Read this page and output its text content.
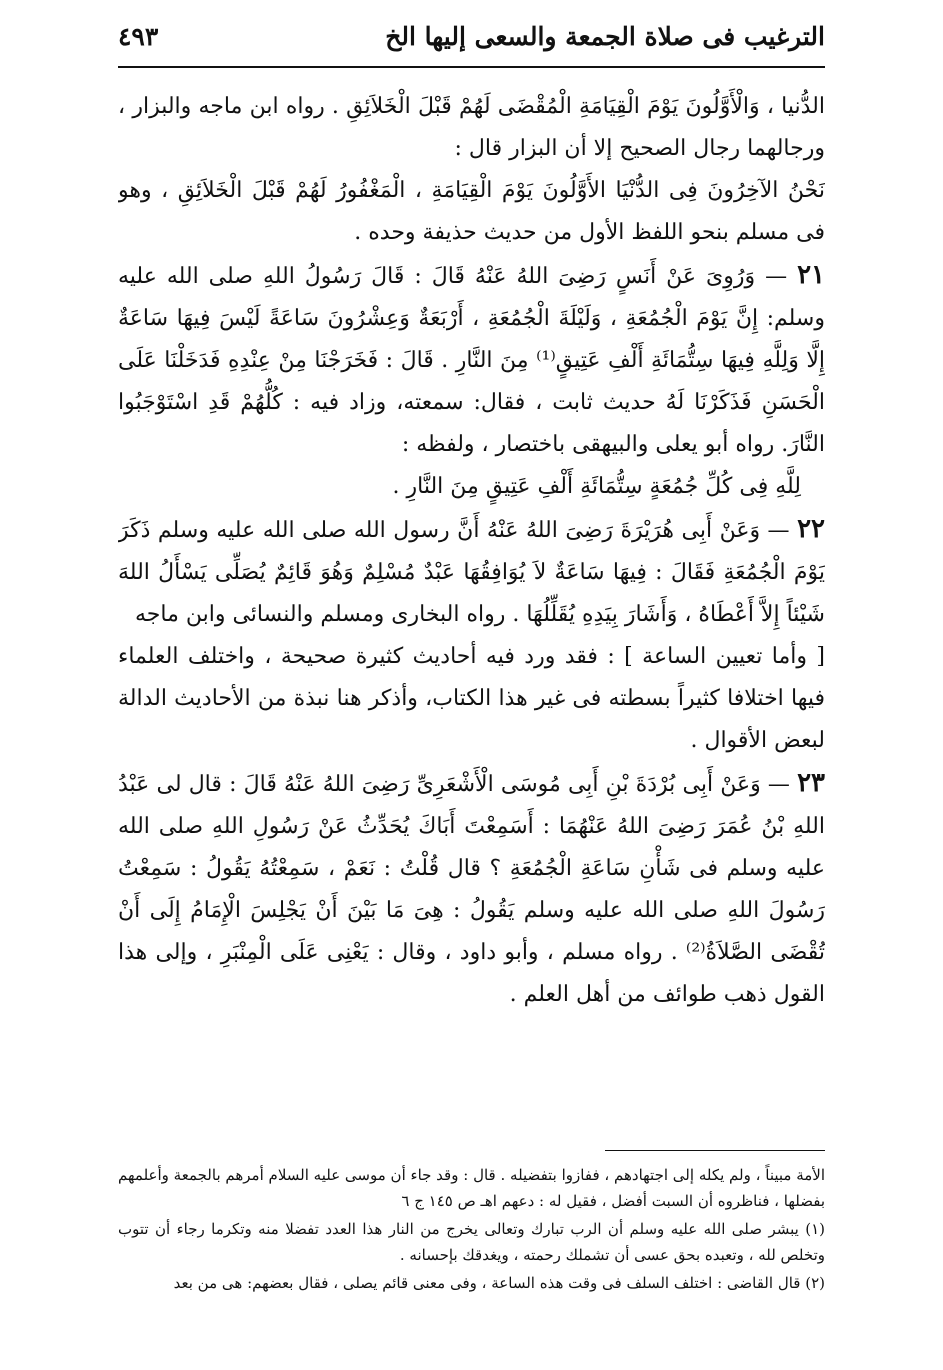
الترغيب فى صلاة الجمعة والسعى إليها الخ
٤٩٣

الدُّنيا ، وَالْأَوَّلُونَ يَوْمَ الْقِيَامَةِ الْمُقْضَى لَهُمْ قَبْلَ الْخَلاَئِقِ . رواه ابن ماجه والبزار ، ورجالهما رجال الصحيح إلا أن البزار قال :

نَحْنُ الآخِرُونَ فِى الدُّنْيَا الأَوَّلُونَ يَوْمَ الْقِيَامَةِ ، الْمَغْفُورُ لَهُمْ قَبْلَ الْخَلاَئِقِ ، وهو فى مسلم بنحو اللفظ الأول من حديث حذيفة وحده .

٢١ — وَرُوِىَ عَنْ أَنَسٍ رَضِىَ اللهُ عَنْهُ قَالَ : قَالَ رَسُولُ اللهِ صلى الله عليه وسلم: إِنَّ يَوْمَ الْجُمُعَةِ ، وَلَيْلَةَ الْجُمُعَةِ ، أَرْبَعَةٌ وَعِشْرُونَ سَاعَةً لَيْسَ فِيهَا سَاعَةٌ إِلَّا وَلِلَّهِ فِيهَا سِتُّمَائَةِ أَلْفِ عَتِيقٍ⁽¹⁾ مِنَ النَّارِ . قَالَ : فَخَرَجْنَا مِنْ عِنْدِهِ فَدَخَلْنَا عَلَى الْحَسَنِ فَذَكَرْنَا لَهُ حديث ثابت ، فقال: سمعته، وزاد فيه : كُلُّهُمْ قَدِ اسْتَوْجَبُوا النَّارَ. رواه أبو يعلى والبيهقى باختصار ، ولفظه :

لِلَّهِ فِى كُلِّ جُمُعَةٍ سِتُّمَائَةِ أَلْفِ عَتِيقٍ مِنَ النَّارِ .

٢٢ — وَعَنْ أَبِى هُرَيْرَةَ رَضِىَ اللهُ عَنْهُ أَنَّ رسول الله صلى الله عليه وسلم ذَكَرَ يَوْمَ الْجُمُعَةِ فَقَالَ : فِيهَا سَاعَةٌ لاَ يُوَافِقُهَا عَبْدٌ مُسْلِمٌ وَهُوَ قَائِمٌ يُصَلِّى يَسْأَلُ اللهَ شَيْئاً إِلاَّ أَعْطَاهُ ، وَأَشَارَ بِيَدِهِ يُقَلِّلُهَا . رواه البخارى ومسلم والنسائى وابن ماجه

[ وأما تعيين الساعة ] : فقد ورد فيه أحاديث كثيرة صحيحة ، واختلف العلماء فيها اختلافا كثيراً بسطته فى غير هذا الكتاب، وأذكر هنا نبذة من الأحاديث الدالة لبعض الأقوال .

٢٣ — وَعَنْ أَبِى بُرْدَةَ بْنِ أَبِى مُوسَى الْأَشْعَرِىِّ رَضِىَ اللهُ عَنْهُ قَالَ : قال لى عَبْدُ اللهِ بْنُ عُمَرَ رَضِىَ اللهُ عَنْهُمَا : أَسَمِعْتَ أَبَاكَ يُحَدِّثُ عَنْ رَسُولِ اللهِ صلى الله عليه وسلم فى شَأْنِ سَاعَةِ الْجُمُعَةِ ؟ قال قُلْتُ : نَعَمْ ، سَمِعْتُهُ يَقُولُ : سَمِعْتُ رَسُولَ اللهِ صلى الله عليه وسلم يَقُولُ : هِىَ مَا بَيْنَ أَنْ يَجْلِسَ الْإِمَامُ إِلَى أَنْ تُقْضَى الصَّلاَةُ⁽²⁾ . رواه مسلم ، وأبو داود ، وقال : يَعْنِى عَلَى الْمِنْبَرِ ، وإلى هذا القول ذهب طوائف من أهل العلم .

الأمة مبيناً ، ولم يكله إلى اجتهادهم ، ففازوا بتفضيله . قال : وقد جاء أن موسى عليه السلام أمرهم بالجمعة وأعلمهم بفضلها ، فناظروه أن السبت أفضل ، فقيل له : دعهم اهـ ص ١٤٥ ج ٦

(١) يبشر صلى الله عليه وسلم أن الرب تبارك وتعالى يخرج من النار هذا العدد تفضلا منه وتكرما رجاء أن تتوب وتخلص لله ، وتعبده بحق عسى أن تشملك رحمته ، ويغدقك بإحسانه .

(٢) قال القاضى : اختلف السلف فى وقت هذه الساعة ، وفى معنى قائم يصلى ، فقال بعضهم: هى من بعد
